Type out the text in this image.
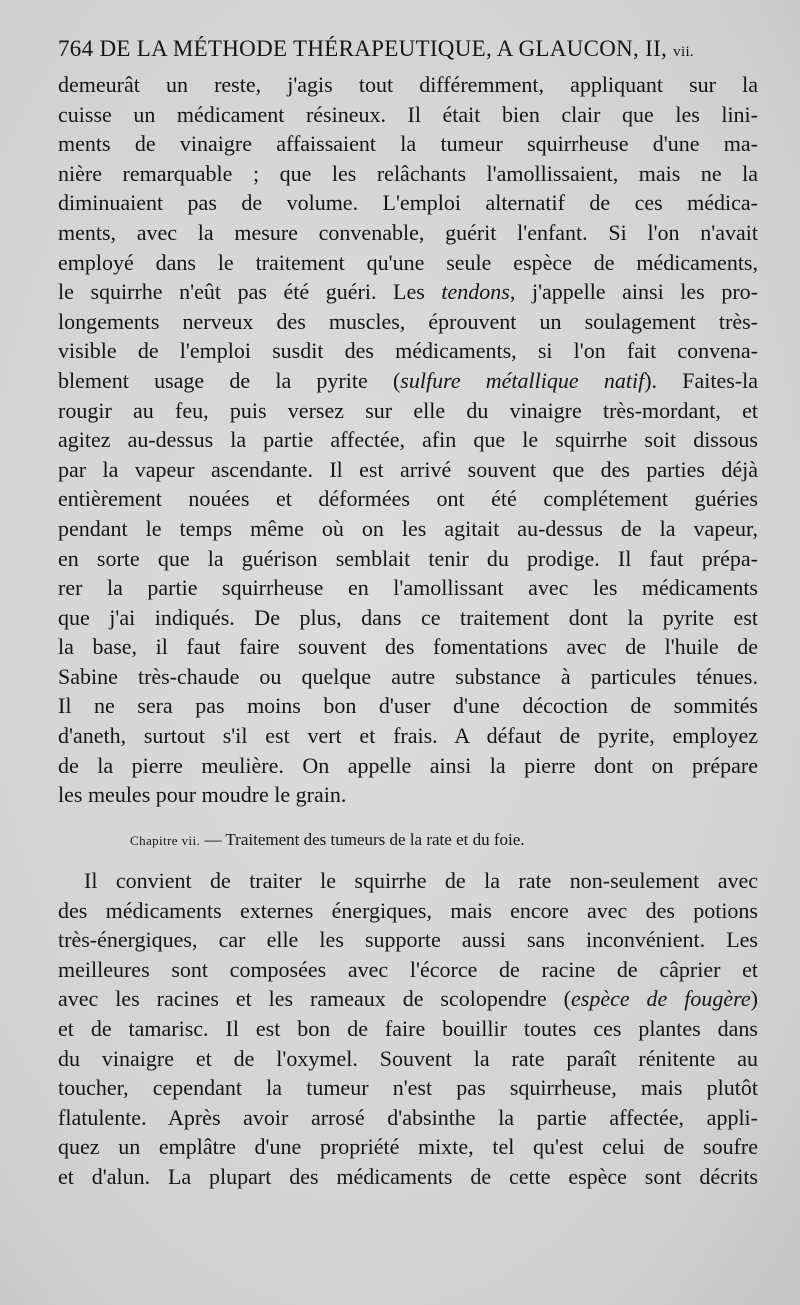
764 DE LA MÉTHODE THÉRAPEUTIQUE, A GLAUCON, II, vii.
demeurât un reste, j'agis tout différemment, appliquant sur la
cuisse un médicament résineux. Il était bien clair que les lini-
ments de vinaigre affaissaient la tumeur squirrheuse d'une ma-
nière remarquable ; que les relâchants l'amollissaient, mais ne la
diminuaient pas de volume. L'emploi alternatif de ces médica-
ments, avec la mesure convenable, guérit l'enfant. Si l'on n'avait
employé dans le traitement qu'une seule espèce de médicaments,
le squirrhe n'eût pas été guéri. Les tendons, j'appelle ainsi les pro-
longements nerveux des muscles, éprouvent un soulagement très-
visible de l'emploi susdit des médicaments, si l'on fait convena-
blement usage de la pyrite (sulfure métallique natif). Faites-la
rougir au feu, puis versez sur elle du vinaigre très-mordant, et
agitez au-dessus la partie affectée, afin que le squirrhe soit dissous
par la vapeur ascendante. Il est arrivé souvent que des parties déjà
entièrement nouées et déformées ont été complétement guéries
pendant le temps même où on les agitait au-dessus de la vapeur,
en sorte que la guérison semblait tenir du prodige. Il faut prépa-
rer la partie squirrheuse en l'amollissant avec les médicaments
que j'ai indiqués. De plus, dans ce traitement dont la pyrite est
la base, il faut faire souvent des fomentations avec de l'huile de
Sabine très-chaude ou quelque autre substance à particules ténues.
Il ne sera pas moins bon d'user d'une décoction de sommités
d'aneth, surtout s'il est vert et frais. A défaut de pyrite, employez
de la pierre meulière. On appelle ainsi la pierre dont on prépare
les meules pour moudre le grain.
Chapitre vii. — Traitement des tumeurs de la rate et du foie.
Il convient de traiter le squirrhe de la rate non-seulement avec
des médicaments externes énergiques, mais encore avec des potions
très-énergiques, car elle les supporte aussi sans inconvénient. Les
meilleures sont composées avec l'écorce de racine de câprier et
avec les racines et les rameaux de scolopendre (espèce de fougère)
et de tamarisc. Il est bon de faire bouillir toutes ces plantes dans
du vinaigre et de l'oxymel. Souvent la rate paraît rénitente au
toucher, cependant la tumeur n'est pas squirrheuse, mais plutôt
flatulente. Après avoir arrosé d'absinthe la partie affectée, appli-
quez un emplâtre d'une propriété mixte, tel qu'est celui de soufre
et d'alun. La plupart des médicaments de cette espèce sont décrits
